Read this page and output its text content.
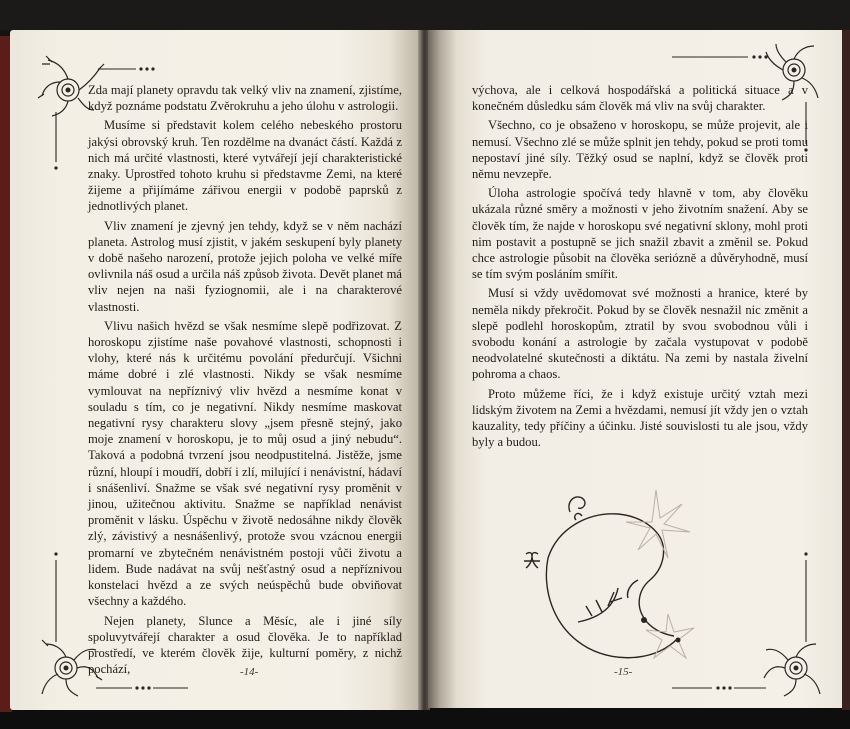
Zda mají planety opravdu tak velký vliv na znamení, zjistíme, když poznáme podstatu Zvěrokruhu a jeho úlohu v astrologii.

Musíme si představit kolem celého nebeského prostoru jakýsi obrovský kruh. Ten rozdělme na dvanáct částí. Každá z nich má určité vlastnosti, které vytvářejí její charakteristické znaky. Uprostřed tohoto kruhu si představme Zemi, na které žijeme a přijímáme zářivou energii v podobě paprsků z jednotlivých planet.

Vliv znamení je zjevný jen tehdy, když se v něm nachází planeta. Astrolog musí zjistit, v jakém seskupení byly planety v době našeho narození, protože jejich poloha ve velké míře ovlivnila náš osud a určila náš způsob života. Devět planet má vliv nejen na naši fyziognomii, ale i na charakterové vlastnosti.

Vlivu našich hvězd se však nesmíme slepě podřizovat. Z horoskopu zjistíme naše povahové vlastnosti, schopnosti i vlohy, které nás k určitému povolání předurčují. Všichni máme dobré i zlé vlastnosti. Nikdy se však nesmíme vymlouvat na nepříznivý vliv hvězd a nesmíme konat v souladu s tím, co je negativní. Nikdy nesmíme maskovat negativní rysy charakteru slovy „jsem přesně stejný, jako moje znamení v horoskopu, je to můj osud a jiný nebudu“. Taková a podobná tvrzení jsou neodpustitelná. Jistěže, jsme různí, hloupí i moudří, dobří i zlí, milující i nenávistní, hádaví i snášenliví. Snažme se však své negativní rysy proměnit v jinou, užitečnou aktivitu. Snažme se například nenávist proměnit v lásku. Úspěchu v životě nedosáhne nikdy člověk zlý, závistivý a nesnášenlivý, protože svou vzácnou energii promarní ve zbytečném nenávistném postoji vůči životu a lidem. Bude nadávat na svůj nešťastný osud a nepříznivou konstelaci hvězd a ze svých neúspěchů bude obviňovat všechny a každého.

Nejen planety, Slunce a Měsíc, ale i jiné síly spoluvytvářejí charakter a osud člověka. Je to například prostředí, ve kterém člověk žije, kulturní poměry, z nichž pochází,	-14-

výchova, ale i celková hospodářská a politická situace a v konečném důsledku sám člověk má vliv na svůj charakter.

Všechno, co je obsaženo v horoskopu, se může projevit, ale i nemusí. Všechno zlé se může splnit jen tehdy, pokud se proti tomu nepostaví jiné síly. Těžký osud se naplní, když se člověk proti němu nevzepře.

Úloha astrologie spočívá tedy hlavně v tom, aby člověku ukázala různé směry a možnosti v jeho životním snažení. Aby se člověk tím, že najde v horoskopu své negativní sklony, mohl proti nim postavit a postupně se jich snažil zbavit a změnil se. Pokud chce astrologie působit na člověka seriózně a důvěryhodně, musí se tím svým posláním smířit.

Musí si vždy uvědomovat své možnosti a hranice, které by neměla nikdy překročit. Pokud by se člověk nesnažil nic změnit a slepě podlehl horoskopům, ztratil by svou svobodnou vůli i svobodu konání a astrologie by začala vystupovat v podobě neodvolatelné skutečnosti a diktátu. Na zemi by nastala živelní pohroma a chaos.

Proto můžeme říci, že i když existuje určitý vztah mezi lidským životem na Zemi a hvězdami, nemusí jít vždy jen o vztah kauzality, tedy příčiny a účinku. Jisté souvislosti tu ale jsou, vždy byly a budou.

-15-
